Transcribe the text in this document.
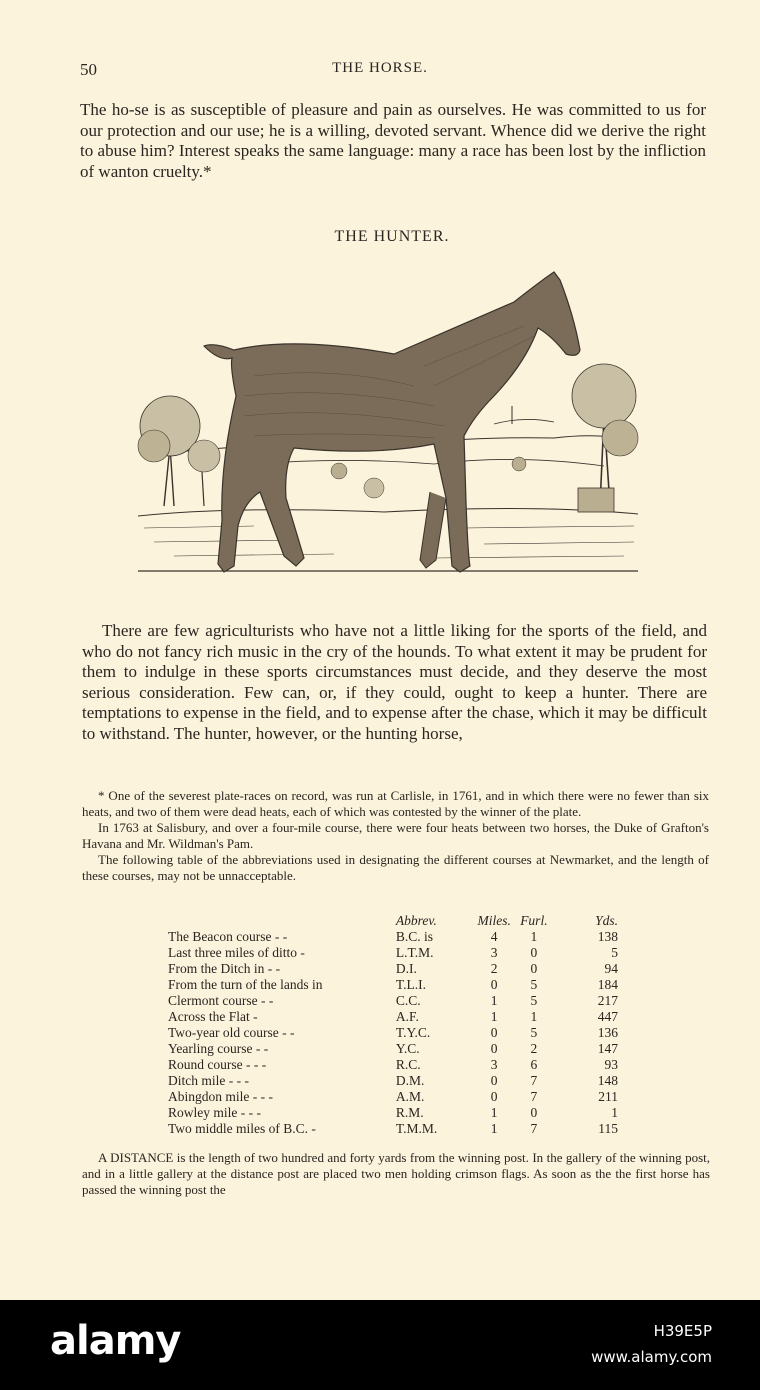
50	THE HORSE.
The ho-se is as susceptible of pleasure and pain as ourselves. He was committed to us for our protection and our use; he is a willing, devoted servant. Whence did we derive the right to abuse him? Interest speaks the same language: many a race has been lost by the infliction of wanton cruelty.*
THE HUNTER.
There are few agriculturists who have not a little liking for the sports of the field, and who do not fancy rich music in the cry of the hounds. To what extent it may be prudent for them to indulge in these sports circumstances must decide, and they deserve the most serious consideration. Few can, or, if they could, ought to keep a hunter. There are temptations to expense in the field, and to expense after the chase, which it may be difficult to withstand. The hunter, however, or the hunting horse,

* One of the severest plate-races on record, was run at Carlisle, in 1761, and in which there were no fewer than six heats, and two of them were dead heats, each of which was contested by the winner of the plate.

In 1763 at Salisbury, and over a four-mile course, there were four heats between two horses, the Duke of Grafton's Havana and Mr. Wildman's Pam.

The following table of the abbreviations used in designating the different courses at Newmarket, and the length of these courses, may not be unnacceptable.

	Abbrev.	Miles.	Furl.	Yds.
The Beacon course - -	B.C. is	4	1	138
Last three miles of ditto -	L.T.M.	3	0	5
From the Ditch in - -	D.I.	2	0	94
From the turn of the lands in	T.L.I.	0	5	184
Clermont course - -	C.C.	1	5	217
Across the Flat -	A.F.	1	1	447
Two-year old course - -	T.Y.C.	0	5	136
Yearling course - -	Y.C.	0	2	147
Round course - - -	R.C.	3	6	93
Ditch mile - - -	D.M.	0	7	148
Abingdon mile - - -	A.M.	0	7	211
Rowley mile - - -	R.M.	1	0	1
Two middle miles of B.C. -	T.M.M.	1	7	115

A DISTANCE is the length of two hundred and forty yards from the winning post. In the gallery of the winning post, and in a little gallery at the distance post are placed two men holding crimson flags. As soon as the the first horse has passed the winning post the

alamy	H39E5P
www.alamy.com
